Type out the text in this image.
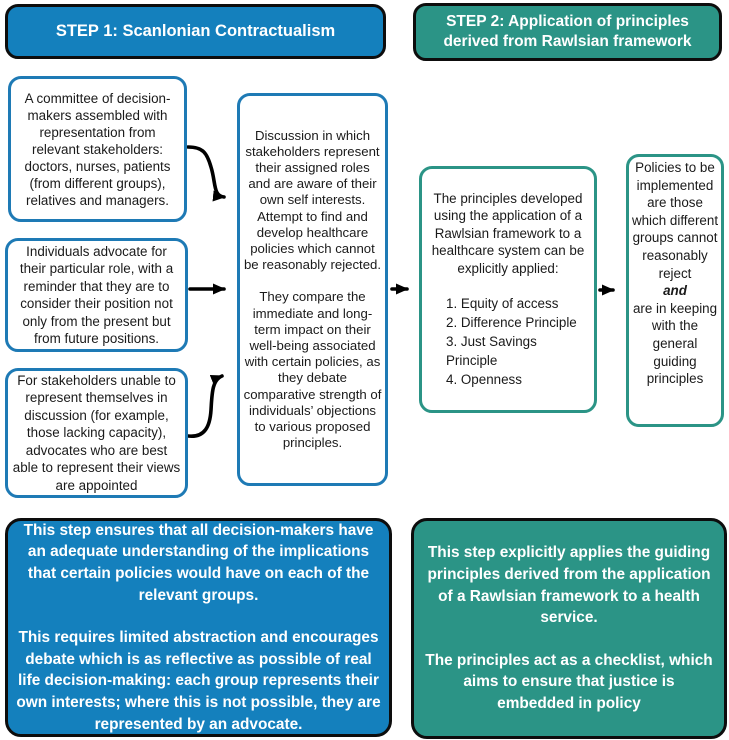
STEP 1: Scanlonian Contractualism
STEP 2: Application of principles derived from Rawlsian framework
A committee of decision-makers assembled with representation from relevant stakeholders: doctors, nurses, patients (from different groups), relatives and managers.
Individuals advocate for their particular role, with a reminder that they are to consider their position not only from the present but from future positions.
For stakeholders unable to represent themselves in discussion (for example, those lacking capacity), advocates who are best able to represent their views are appointed
Discussion in which stakeholders represent their assigned roles and are aware of their own self interests. Attempt to find and develop healthcare policies which cannot be reasonably rejected.
They compare the immediate and long-term impact on their well-being associated with certain policies, as they debate comparative strength of individuals’ objections to various proposed principles.
The principles developed using the application of a Rawlsian framework to a healthcare system can be explicitly applied:
1. Equity of access
2. Difference Principle
3. Just Savings Principle
4. Openness
Policies to be implemented are those which different groups cannot reasonably reject
and
are in keeping with the general guiding principles
This step ensures that all decision-makers have an adequate understanding of the implications that certain policies would have on each of the relevant groups.
This requires limited abstraction and encourages debate which is as reflective as possible of real life decision-making: each group represents their own interests; where this is not possible, they are represented by an advocate.
This step explicitly applies the guiding principles derived from the application of a Rawlsian framework to a health service.
The principles act as a checklist, which aims to ensure that justice is embedded in policy
